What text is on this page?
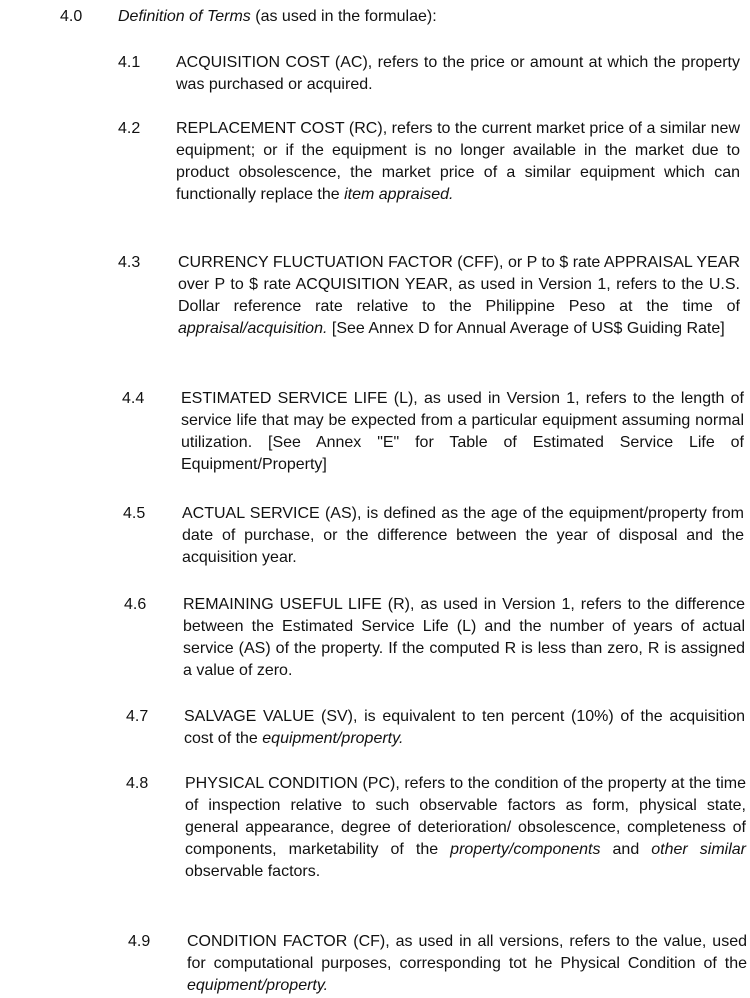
4.0 Definition of Terms (as used in the formulae):
4.1 ACQUISITION COST (AC), refers to the price or amount at which the property was purchased or acquired.
4.2 REPLACEMENT COST (RC), refers to the current market price of a similar new equipment; or if the equipment is no longer available in the market due to product obsolescence, the market price of a similar equipment which can functionally replace the item appraised.
4.3 CURRENCY FLUCTUATION FACTOR (CFF), or P to $ rate APPRAISAL YEAR over P to $ rate ACQUISITION YEAR, as used in Version 1, refers to the U.S. Dollar reference rate relative to the Philippine Peso at the time of appraisal/acquisition. [See Annex D for Annual Average of US$ Guiding Rate]
4.4 ESTIMATED SERVICE LIFE (L), as used in Version 1, refers to the length of service life that may be expected from a particular equipment assuming normal utilization. [See Annex "E" for Table of Estimated Service Life of Equipment/Property]
4.5 ACTUAL SERVICE (AS), is defined as the age of the equipment/property from date of purchase, or the difference between the year of disposal and the acquisition year.
4.6 REMAINING USEFUL LIFE (R), as used in Version 1, refers to the difference between the Estimated Service Life (L) and the number of years of actual service (AS) of the property. If the computed R is less than zero, R is assigned a value of zero.
4.7 SALVAGE VALUE (SV), is equivalent to ten percent (10%) of the acquisition cost of the equipment/property.
4.8 PHYSICAL CONDITION (PC), refers to the condition of the property at the time of inspection relative to such observable factors as form, physical state, general appearance, degree of deterioration/ obsolescence, completeness of components, marketability of the property/components and other similar observable factors.
4.9 CONDITION FACTOR (CF), as used in all versions, refers to the value, used for computational purposes, corresponding tot he Physical Condition of the equipment/property.
